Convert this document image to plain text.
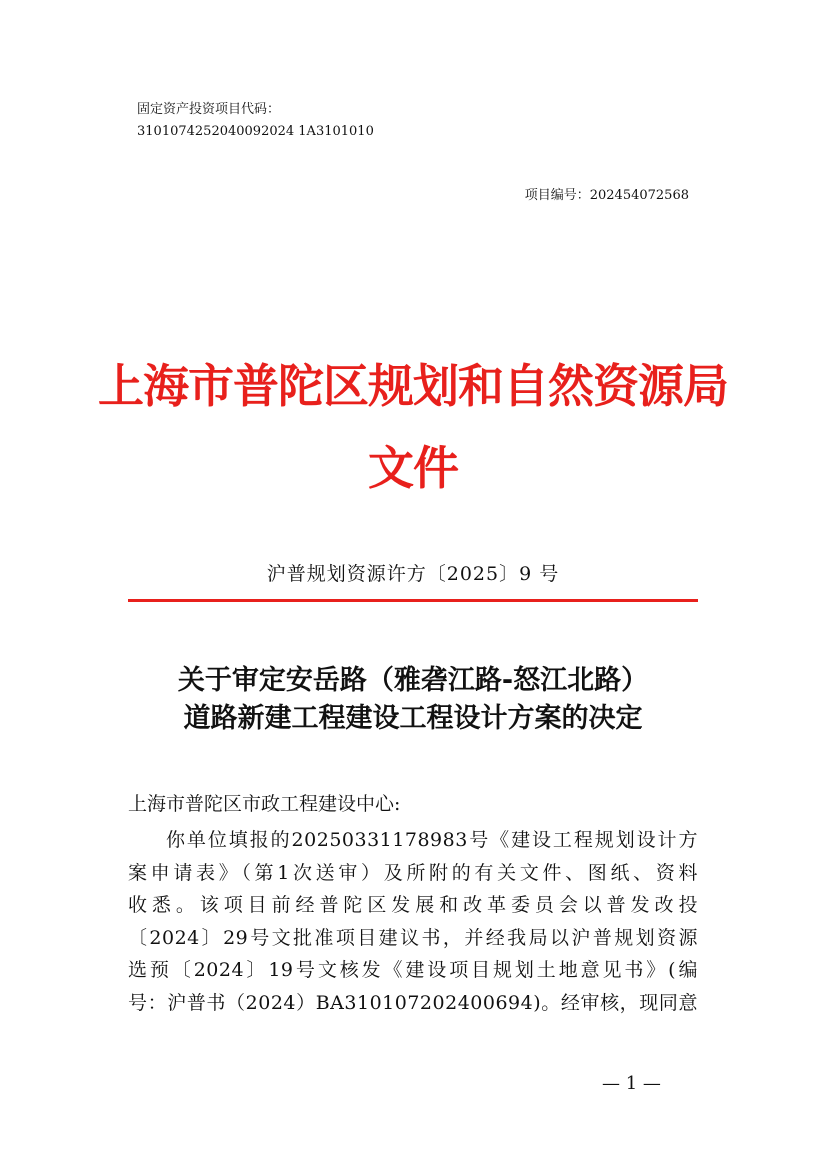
固定资产投资项目代码：
3101074252040092024 1A3101010
项目编号：202454072568
上海市普陀区规划和自然资源局
文件
沪普规划资源许方〔2025〕9 号
关于审定安岳路（雅砻江路-怒江北路）
道路新建工程建设工程设计方案的决定
上海市普陀区市政工程建设中心:
你单位填报的20250331178983号《建设工程规划设计方
案申请表》（第1次送审）及所附的有关文件、图纸、资料
收悉。该项目前经普陀区发展和改革委员会以普发改投
〔2024〕29号文批准项目建议书，并经我局以沪普规划资源
选预〔2024〕19号文核发《建设项目规划土地意见书》(编
号：沪普书（2024）BA310107202400694)。经审核，现同意
— 1 —
